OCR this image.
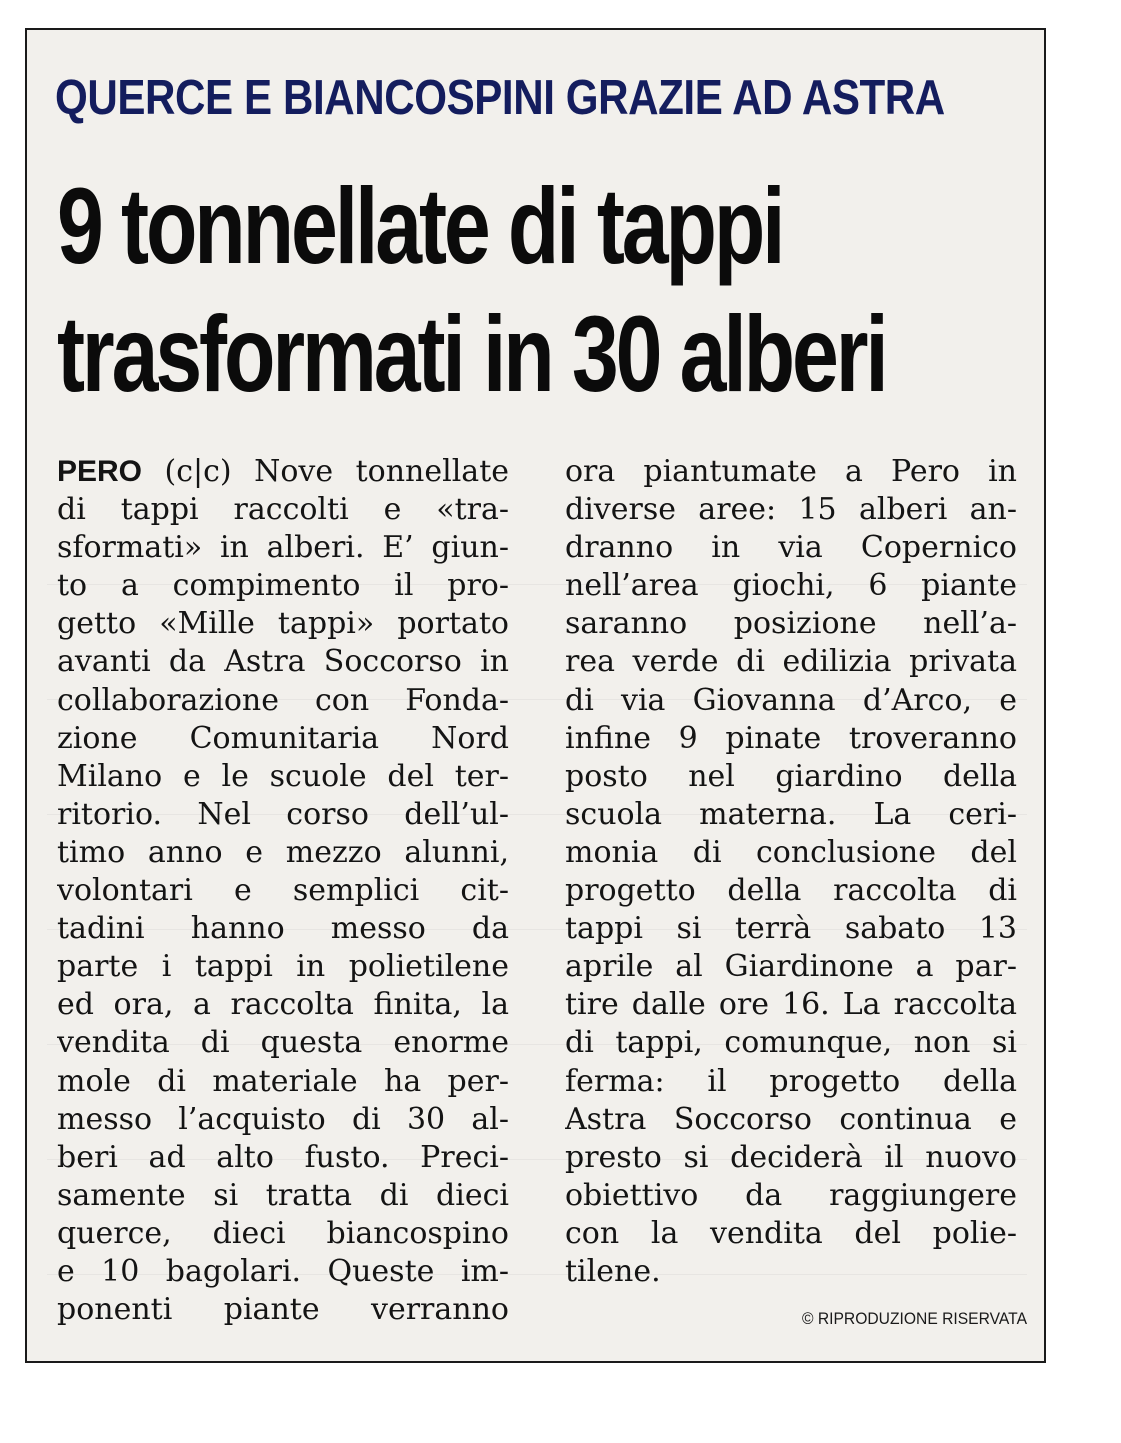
QUERCE E BIANCOSPINI GRAZIE AD ASTRA
9 tonnellate di tappi
trasformati in 30 alberi
PERO (c|c) Nove tonnellate
di tappi raccolti e «tra-
sformati» in alberi. E’ giun-
to a compimento il pro-
getto «Mille tappi» portato
avanti da Astra Soccorso in
collaborazione con Fonda-
zione Comunitaria Nord
Milano e le scuole del ter-
ritorio. Nel corso dell’ul-
timo anno e mezzo alunni,
volontari e semplici cit-
tadini hanno messo da
parte i tappi in polietilene
ed ora, a raccolta finita, la
vendita di questa enorme
mole di materiale ha per-
messo l’acquisto di 30 al-
beri ad alto fusto. Preci-
samente si tratta di dieci
querce, dieci biancospino
e 10 bagolari. Queste im-
ponenti piante verranno
ora piantumate a Pero in
diverse aree: 15 alberi an-
dranno in via Copernico
nell’area giochi, 6 piante
saranno posizione nell’a-
rea verde di edilizia privata
di via Giovanna d’Arco, e
infine 9 pinate troveranno
posto nel giardino della
scuola materna. La ceri-
monia di conclusione del
progetto della raccolta di
tappi si terrà sabato 13
aprile al Giardinone a par-
tire dalle ore 16. La raccolta
di tappi, comunque, non si
ferma: il progetto della
Astra Soccorso continua e
presto si deciderà il nuovo
obiettivo da raggiungere
con la vendita del polie-
tilene.
© RIPRODUZIONE RISERVATA
